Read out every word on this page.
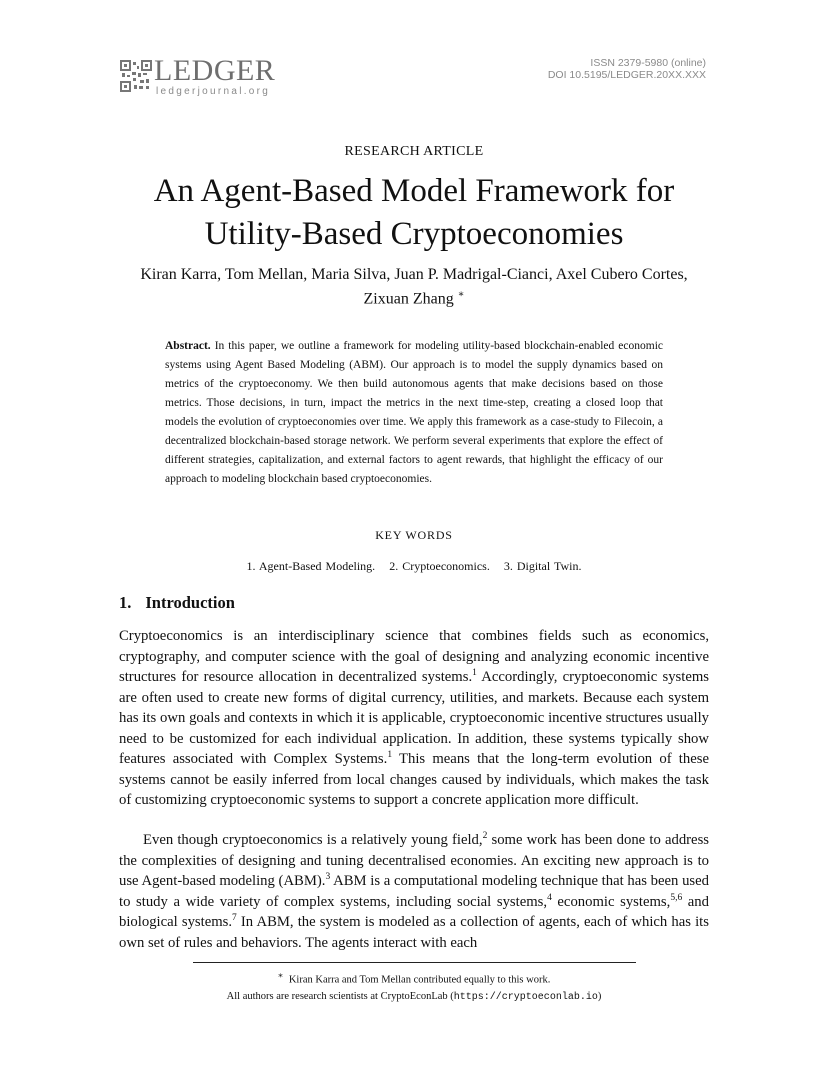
LEDGER
ledgerjournal.org
ISSN 2379-5980 (online)
DOI 10.5195/LEDGER.20XX.XXX
RESEARCH ARTICLE
An Agent-Based Model Framework for
Utility-Based Cryptoeconomies
Kiran Karra, Tom Mellan, Maria Silva, Juan P. Madrigal-Cianci, Axel Cubero Cortes,
Zixuan Zhang ∗
Abstract. In this paper, we outline a framework for modeling utility-based blockchain-enabled economic systems using Agent Based Modeling (ABM). Our approach is to model the supply dynamics based on metrics of the cryptoeconomy. We then build autonomous agents that make decisions based on those metrics. Those decisions, in turn, impact the metrics in the next time-step, creating a closed loop that models the evolution of cryptoeconomies over time. We apply this framework as a case-study to Filecoin, a decentralized blockchain-based storage network. We perform several experiments that explore the effect of different strategies, capitalization, and external factors to agent rewards, that highlight the efficacy of our approach to modeling blockchain based cryptoeconomies.
KEY WORDS
1. Agent-Based Modeling. 2. Cryptoeconomics. 3. Digital Twin.
1. Introduction
Cryptoeconomics is an interdisciplinary science that combines fields such as economics, cryptography, and computer science with the goal of designing and analyzing economic incentive structures for resource allocation in decentralized systems.$^1$ Accordingly, cryptoeconomic systems are often used to create new forms of digital currency, utilities, and markets. Because each system has its own goals and contexts in which it is applicable, cryptoeconomic incentive structures usually need to be customized for each individual application. In addition, these systems typically show features associated with Complex Systems.$^1$ This means that the long-term evolution of these systems cannot be easily inferred from local changes caused by individuals, which makes the task of customizing cryptoeconomic systems to support a concrete application more difficult.
Even though cryptoeconomics is a relatively young field,$^2$ some work has been done to address the complexities of designing and tuning decentralised economies. An exciting new approach is to use Agent-based modeling (ABM).$^3$ ABM is a computational modeling technique that has been used to study a wide variety of complex systems, including social systems,$^4$ economic systems,$^{5,6}$ and biological systems.$^7$ In ABM, the system is modeled as a collection of agents, each of which has its own set of rules and behaviors. The agents interact with each
∗ Kiran Karra and Tom Mellan contributed equally to this work.
All authors are research scientists at CryptoEconLab (https://cryptoeconlab.io)
